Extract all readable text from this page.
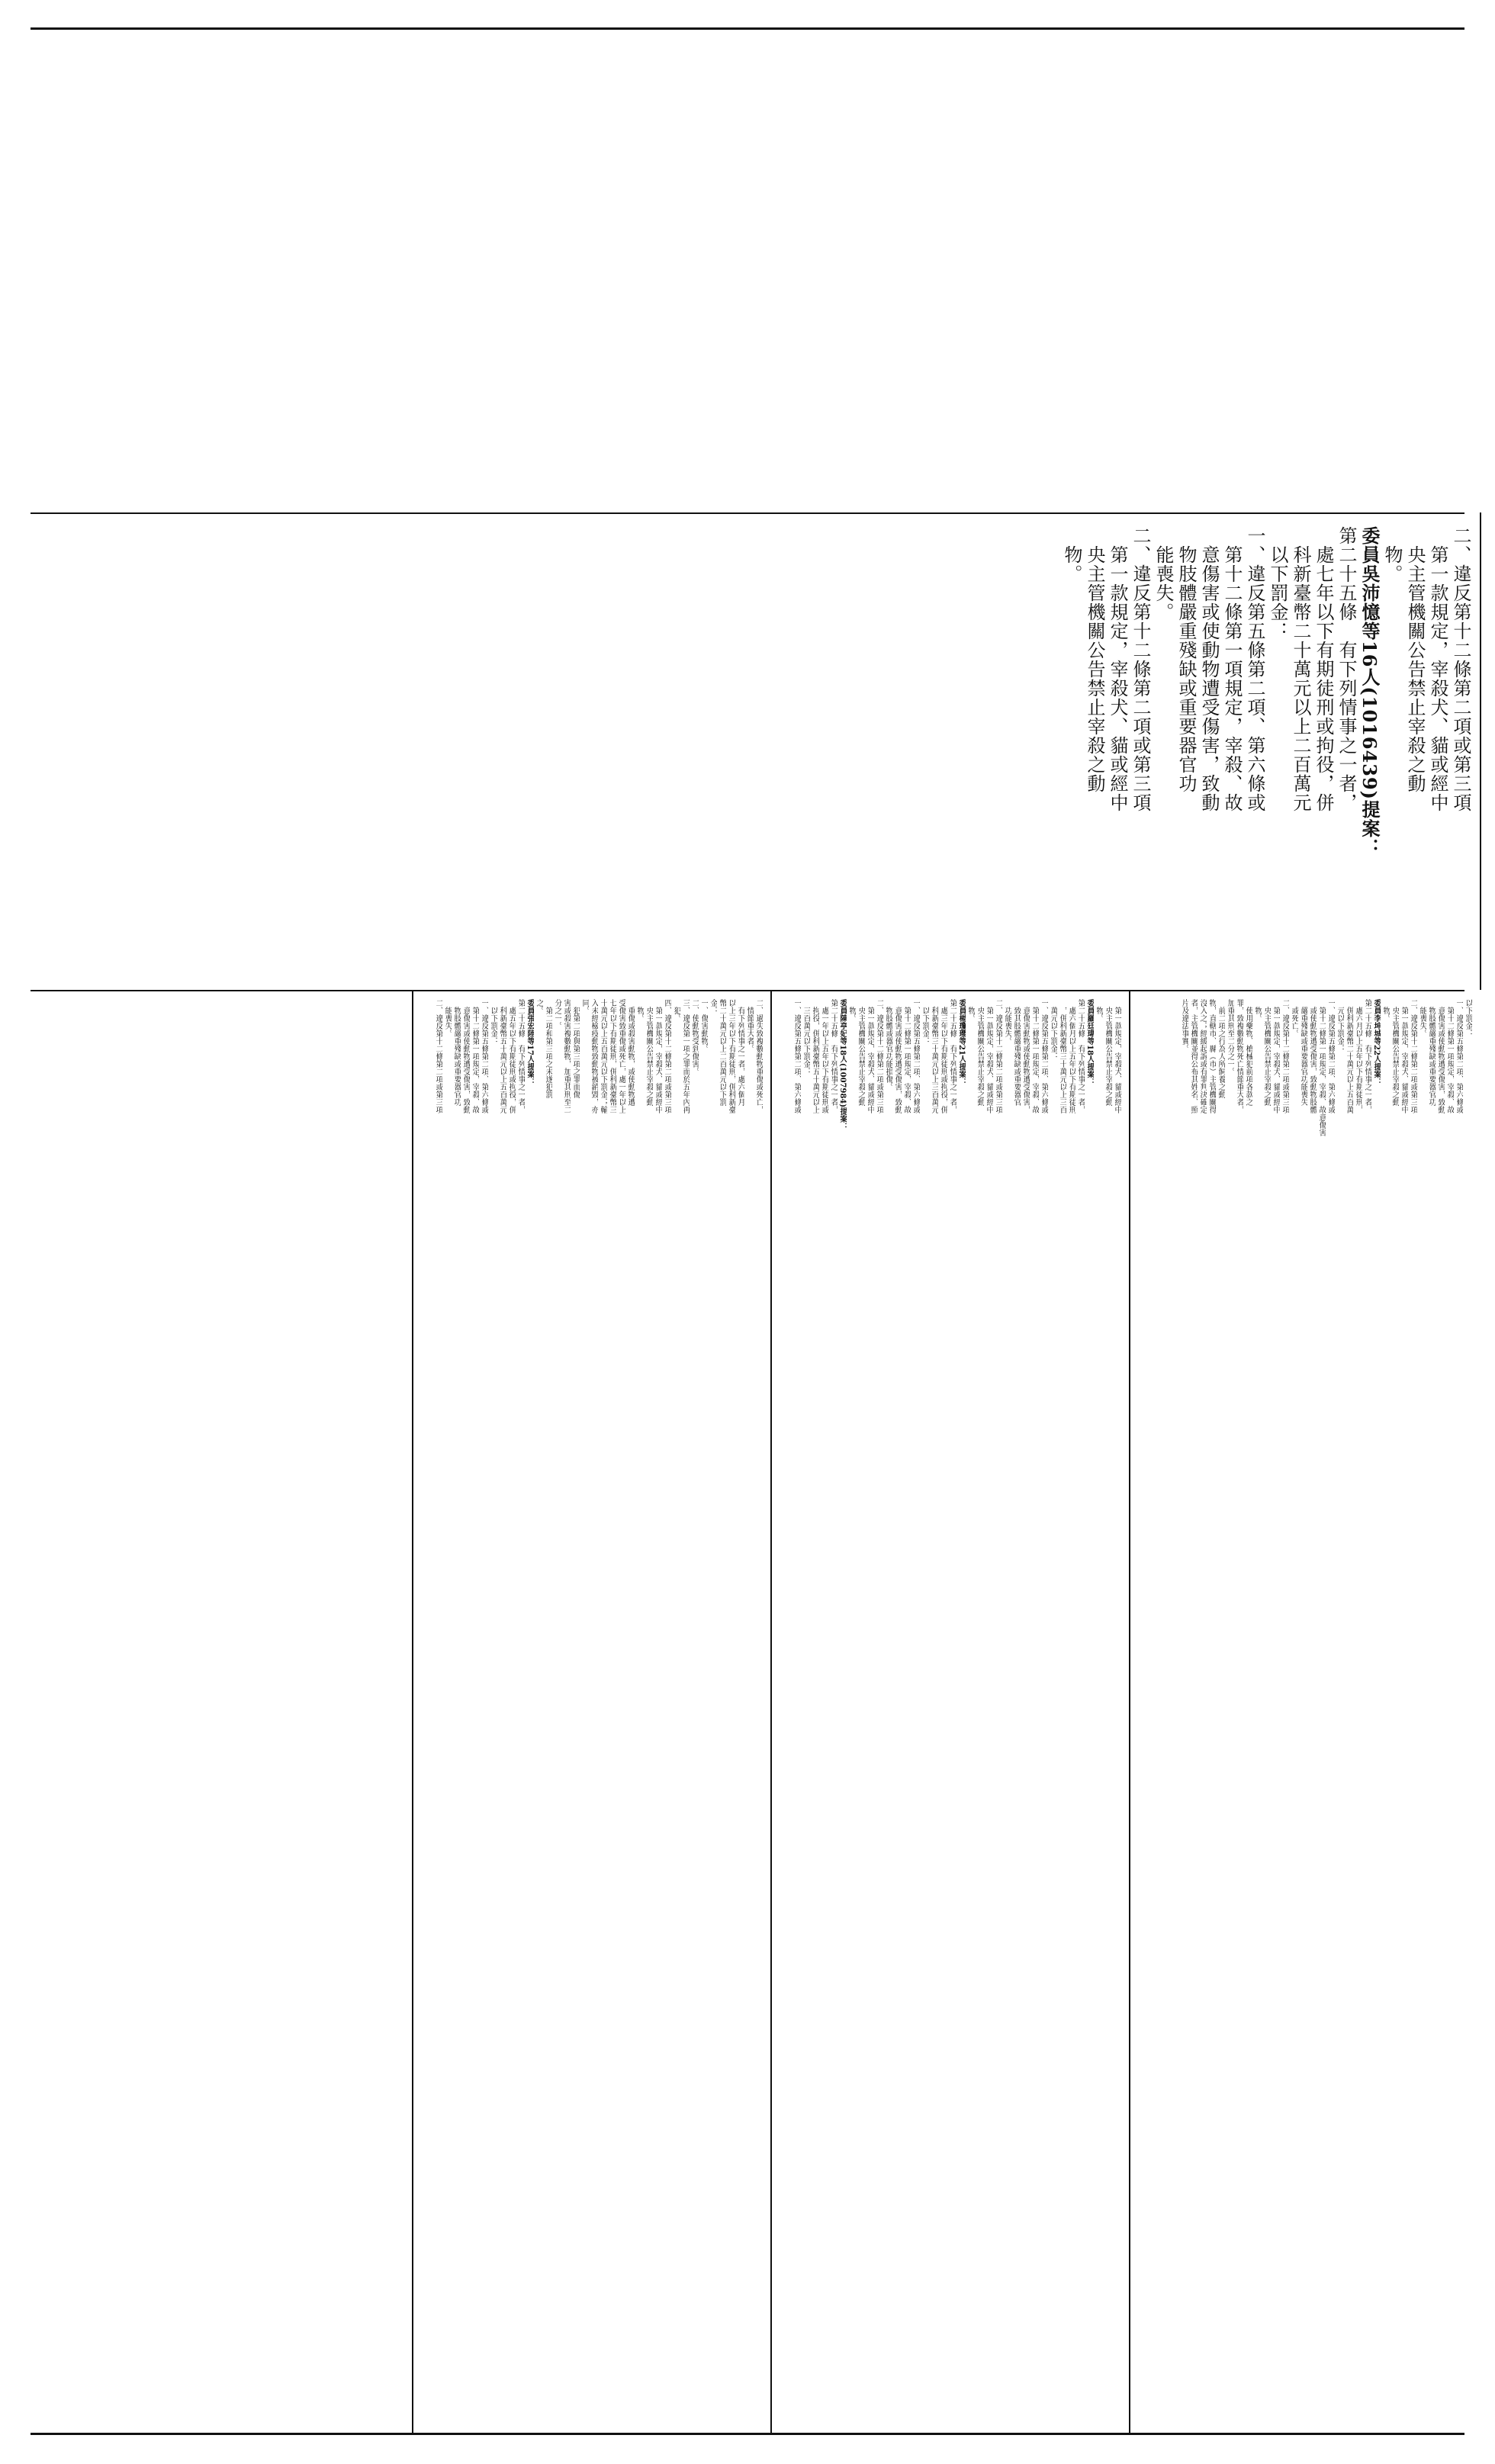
二、違反第十二條第二項或第三項
　第一款規定，宰殺犬、貓或經中
　央主管機關公告禁止宰殺之動
　物。
委員吳沛憶等16人(1016439)提案：
第二十五條　有下列情事之一者，
　處七年以下有期徒刑或拘役，併
　科新臺幣二十萬元以上二百萬元
　以下罰金：
一、違反第五條第二項、第六條或
　第十二條第一項規定，宰殺、故
　意傷害或使動物遭受傷害，致動
　物肢體嚴重殘缺或重要器官功
　能喪失。
二、違反第十二條第二項或第三項
　第一款規定，宰殺犬、貓或經中
　央主管機關公告禁止宰殺之動
　物。
以下罰金：
一、違反第五條第二項、第六條或
　第十二條第一項規定，宰殺、故
　意傷害或使動物遭受傷害，致動
　物肢體嚴重殘缺或重要器官功
　能喪失。
二、違反第十二條第二項或第三項
　第一款規定，宰殺犬、貓或經中
　央主管機關公告禁止宰殺之動
　物。
委員李坤城等22人提案：
第二十五條　有下列情事之一者，
　處六月以上五年以下有期徒刑，
　併科新臺幣二十萬元以上五百萬
　元以下罰金：
一、違反第五條第二項、第六條或
　第十二條第一項規定，宰殺、故意傷害
　或使動物遭受傷害，致動物肢體
　嚴重殘缺或重要器官功能喪失
　或死亡。
二、違反第十二條第二項或第三項
　第一款規定，宰殺犬、貓或經中
　央主管機關公告禁止宰殺之動
　物。
　使用藥物、槍械犯前項各款之
罪，致複數動物死亡情節重大者，
加重其刑至二分之一。
　前二項之行為人所飼養之動
物，直轄市、縣（市）主管機關得
沒入之；經緩起訴或有罪判決確定
者，主管機關並得公布其姓名、照
片及違法事實。
　第一款規定，宰殺犬、貓或經中
　央主管機關公告禁止宰殺之動
　物。
委員羅廷瑋等18人提案：
第二十五條　有下列情事之一者，
　處六個月以上五年以下有期徒刑
　，併科新臺幣三十萬元以上三百
　萬元以下罰金：
一、違反第五條第二項、第六條或
　第十二條第一項規定，宰殺、故
　意傷害動物或使動物遭受傷害，
　致其肢體嚴重殘缺或重要器官
　功能喪失。
二、違反第十二條第二項或第三項
　第一款規定，宰殺犬、貓或經中
　央主管機關公告禁止宰殺之動
　物。
委員楊瓊瓔等21人提案：
第二十五條　有下列情事之一者，
　處三年以下有期徒刑或拘役，併
　科新臺幣三十萬元以上三百萬元
　以下罰金：
一、違反第五條第二項、第六條或
　第十二條第一項規定，宰殺、故
　意傷害或使動物遭受傷害，致動
　物肢體或器官功能損傷。
二、違反第十二條第二項或第三項
　第一款規定，宰殺犬、貓或經中
　央主管機關公告禁止宰殺之動
　物。
委員陳亭妃等18人(1007984)提案：
第二十五條　有下列情事之一者，
　處一年以上五年以下有期徒刑或
　拘役，併科新臺幣五十萬元以上
　三百萬元以下罰金：
一、違反第五條第二項、第六條或
二、過失致複數動物重傷或死亡，
　情節重大者。
　有下列情事之一者，處六個月
以上三年以下有期徒刑，併科新臺
幣二十萬元以上二百萬元以下罰
金：
一、傷害動物。
二、使動物受到傷害。
三、違反第一項之罪而於五年內再
　犯。
四、違反第十二條第二項或第三項
　第一款規定，宰殺犬、貓或經中
　央主管機關公告禁止宰殺之動
　物。
　重傷或殺害動物，或使動物遭
受傷害致重傷或死亡，處一年以上
七年以下有期徒刑，併科新臺幣三
十萬元以上五百萬元以下罰金；輸
入未經檢疫動物致動物被銷毀，亦
同。
　犯第二項與第三項之罪而傷
害或殺害複數動物，加重其刑至二
分之一。
　第二項和第三項之未遂犯罰
之。
委員張宏陸等17人提案：
第二十五條　有下列情事之一者，
　處五年以下有期徒刑或拘役，併
　科新臺幣五十萬元以上五百萬元
　以下罰金：
一、違反第五條第二項、第六條或
　第十二條第一項規定，宰殺、故
　意傷害或使動物遭受傷害，致動
　物肢體嚴重殘缺或重要器官功
　能喪失。
二、違反第十二條第二項或第三項
